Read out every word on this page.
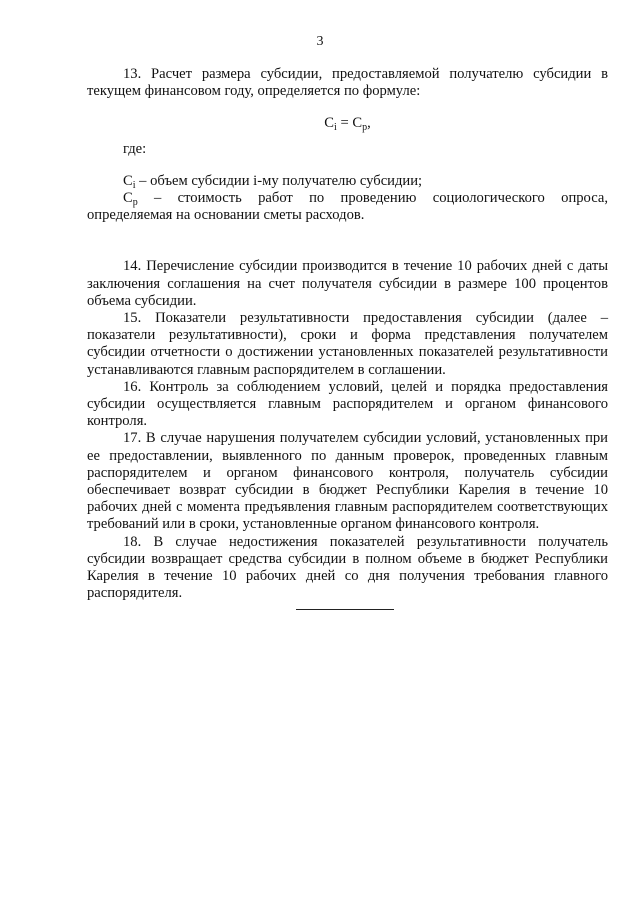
3

13. Расчет размера субсидии, предоставляемой получателю субсидии в текущем финансовом году, определяется по формуле:

$C_i = C_p$,

где:

$C_i$ – объем субсидии i-му получателю субсидии;

$C_p$ – стоимость работ по проведению социологического опроса, определяемая на основании сметы расходов.

14. Перечисление субсидии производится в течение 10 рабочих дней с даты заключения соглашения на счет получателя субсидии в размере 100 процентов объема субсидии.

15. Показатели результативности предоставления субсидии (далее – показатели результативности), сроки и форма представления получателем субсидии отчетности о достижении установленных показателей результативности устанавливаются главным распорядителем в соглашении.

16. Контроль за соблюдением условий, целей и порядка предоставления субсидии осуществляется главным распорядителем и органом финансового контроля.

17. В случае нарушения получателем субсидии условий, установленных при ее предоставлении, выявленного по данным проверок, проведенных главным распорядителем и органом финансового контроля, получатель субсидии обеспечивает возврат субсидии в бюджет Республики Карелия в течение 10 рабочих дней с момента предъявления главным распорядителем соответствующих требований или в сроки, установленные органом финансового контроля.

18. В случае недостижения показателей результативности получатель субсидии возвращает средства субсидии в полном объеме в бюджет Республики Карелия в течение 10 рабочих дней со дня получения требования главного распорядителя.
